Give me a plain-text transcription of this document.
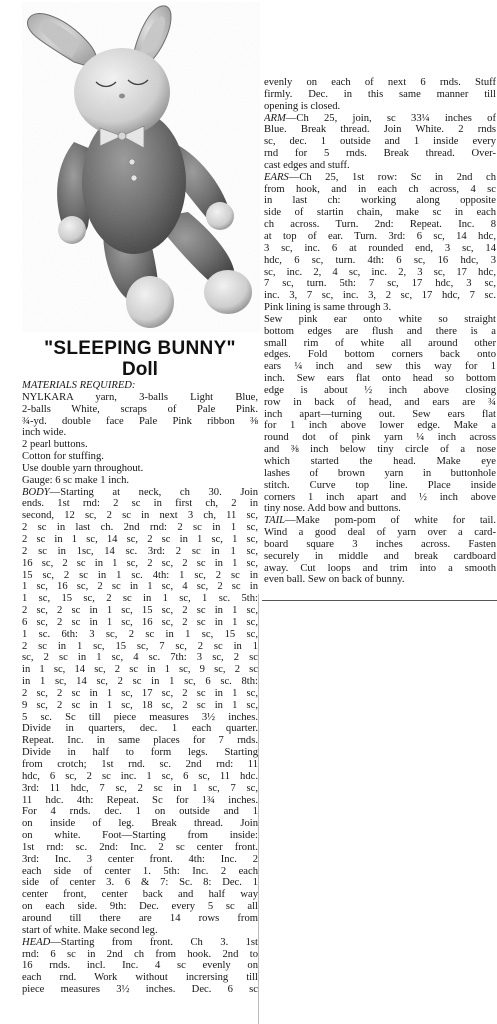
"SLEEPING BUNNY"
Doll
MATERIALS REQUIRED:
NYLKARA yarn, 3-balls Light Blue,
2-balls White, scraps of Pale Pink.
¾-yd. double face Pale Pink ribbon ⅜
inch wide.
2 pearl buttons.
Cotton for stuffing.
Use double yarn throughout.
Gauge: 6 sc make 1 inch.
BODY—Starting at neck, ch 30. Join
ends. 1st rnd: 2 sc in first ch, 2 in
second, 12 sc, 2 sc in next 3 ch, 11 sc,
2 sc in last ch. 2nd rnd: 2 sc in 1 sc,
2 sc in 1 sc, 14 sc, 2 sc in 1 sc, 1 sc,
2 sc in 1sc, 14 sc. 3rd: 2 sc in 1 sc,
16 sc, 2 sc in 1 sc, 2 sc, 2 sc in 1 sc,
15 sc, 2 sc in 1 sc. 4th: 1 sc, 2 sc in
1 sc, 16 sc, 2 sc in 1 sc, 4 sc, 2 sc in
1 sc, 15 sc, 2 sc in 1 sc, 1 sc. 5th:
2 sc, 2 sc in 1 sc, 15 sc, 2 sc in 1 sc,
6 sc, 2 sc in 1 sc, 16 sc, 2 sc in 1 sc,
1 sc. 6th: 3 sc, 2 sc in 1 sc, 15 sc,
2 sc in 1 sc, 15 sc, 7 sc, 2 sc in 1
sc, 2 sc in 1 sc, 4 sc. 7th: 3 sc, 2 sc
in 1 sc, 14 sc, 2 sc in 1 sc, 9 sc, 2 sc
in 1 sc, 14 sc, 2 sc in 1 sc, 6 sc. 8th:
2 sc, 2 sc in 1 sc, 17 sc, 2 sc in 1 sc,
9 sc, 2 sc in 1 sc, 18 sc, 2 sc in 1 sc,
5 sc. Sc till piece measures 3½ inches.
Divide in quarters, dec. 1 each quarter.
Repeat. Inc. in same places for 7 rnds.
Divide in half to form legs. Starting
from crotch; 1st rnd. sc. 2nd rnd: 11
hdc, 6 sc, 2 sc inc. 1 sc, 6 sc, 11 hdc.
3rd: 11 hdc, 7 sc, 2 sc in 1 sc, 7 sc,
11 hdc. 4th: Repeat. Sc for 1¾ inches.
For 4 rnds. dec. 1 on outside and 1
on inside of leg. Break thread. Join
on white. Foot—Starting from inside:
1st rnd: sc. 2nd: Inc. 2 sc center front.
3rd: Inc. 3 center front. 4th: Inc. 2
each side of center 1. 5th: Inc. 2 each
side of center 3. 6 & 7: Sc. 8: Dec. 1
center front, center back and half way
on each side. 9th: Dec. every 5 sc all
around till there are 14 rows from
start of white. Make second leg.
HEAD—Starting from front. Ch 3. 1st
rnd: 6 sc in 2nd ch from hook. 2nd to
16 rnds. incl. Inc. 4 sc evenly on
each rnd. Work without incrersing till
piece measures 3½ inches. Dec. 6 sc
evenly on each of next 6 rnds. Stuff
firmly. Dec. in this same manner till
opening is closed.
ARM—Ch 25, join, sc 33¼ inches of
Blue. Break thread. Join White. 2 rnds
sc, dec. 1 outside and 1 inside every
rnd for 5 rnds. Break thread. Over-
cast edges and stuff.
EARS—Ch 25, 1st row: Sc in 2nd ch
from hook, and in each ch across, 4 sc
in last ch: working along opposite
side of startin chain, make sc in each
ch across. Turn. 2nd: Repeat. Inc. 8
at top of ear. Turn. 3rd: 6 sc, 14 hdc,
3 sc, inc. 6 at rounded end, 3 sc, 14
hdc, 6 sc, turn. 4th: 6 sc, 16 hdc, 3
sc, inc. 2, 4 sc, inc. 2, 3 sc, 17 hdc,
7 sc, turn. 5th: 7 sc, 17 hdc, 3 sc,
inc. 3, 7 sc, inc. 3, 2 sc, 17 hdc, 7 sc.
Pink lining is same through 3.
Sew pink ear onto white so straight
bottom edges are flush and there is a
small rim of white all around other
edges. Fold bottom corners back onto
ears ¼ inch and sew this way for 1
inch. Sew ears flat onto head so bottom
edge is about ½ inch above closing
row in back of head, and ears are ¾
inch apart—turning out. Sew ears flat
for 1 inch above lower edge. Make a
round dot of pink yarn ¼ inch across
and ⅜ inch below tiny circle of a nose
which started the head. Make eye
lashes of brown yarn in buttonhole
stitch. Curve top line. Place inside
corners 1 inch apart and ½ inch above
tiny nose. Add bow and buttons.
TAIL—Make pom-pom of white for tail.
Wind a good deal of yarn over a card-
board square 3 inches across. Fasten
securely in middle and break cardboard
away. Cut loops and trim into a smooth
even ball. Sew on back of bunny.
